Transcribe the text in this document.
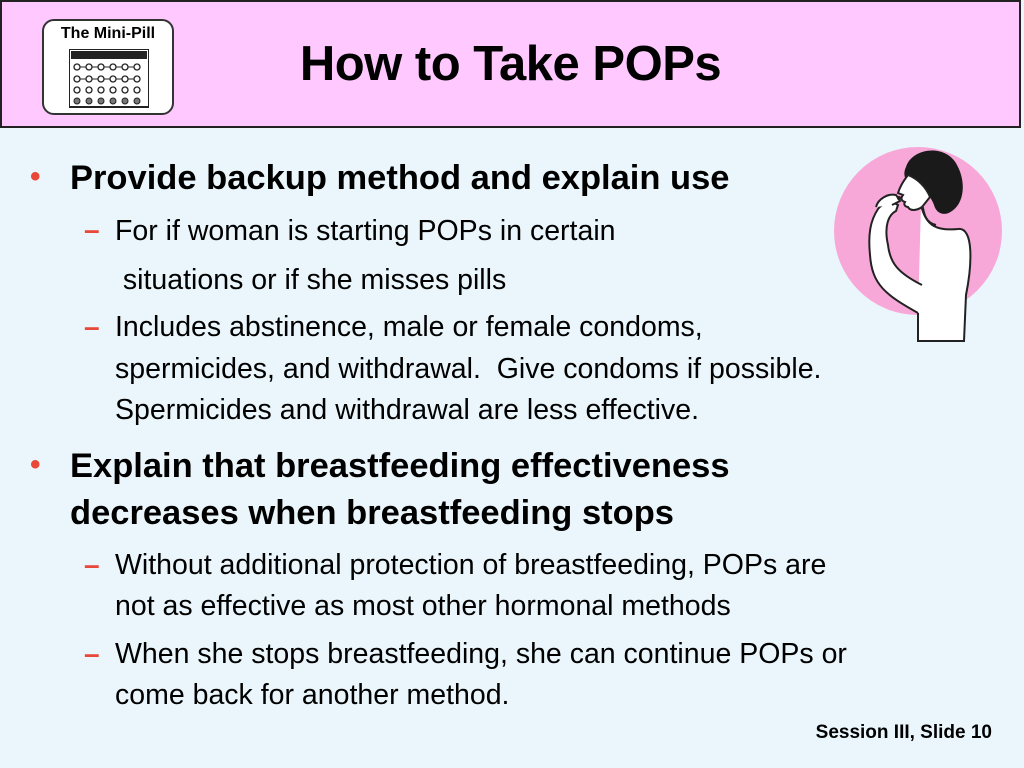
The Mini-Pill
How to Take POPs
• Provide backup method and explain use
– For if woman is starting POPs in certain
situations or if she misses pills
– Includes abstinence, male or female condoms,
spermicides, and withdrawal.  Give condoms if possible.
Spermicides and withdrawal are less effective.
• Explain that breastfeeding effectiveness
decreases when breastfeeding stops
– Without additional protection of breastfeeding, POPs are
not as effective as most other hormonal methods
– When she stops breastfeeding, she can continue POPs or
come back for another method.
Session III, Slide 10
